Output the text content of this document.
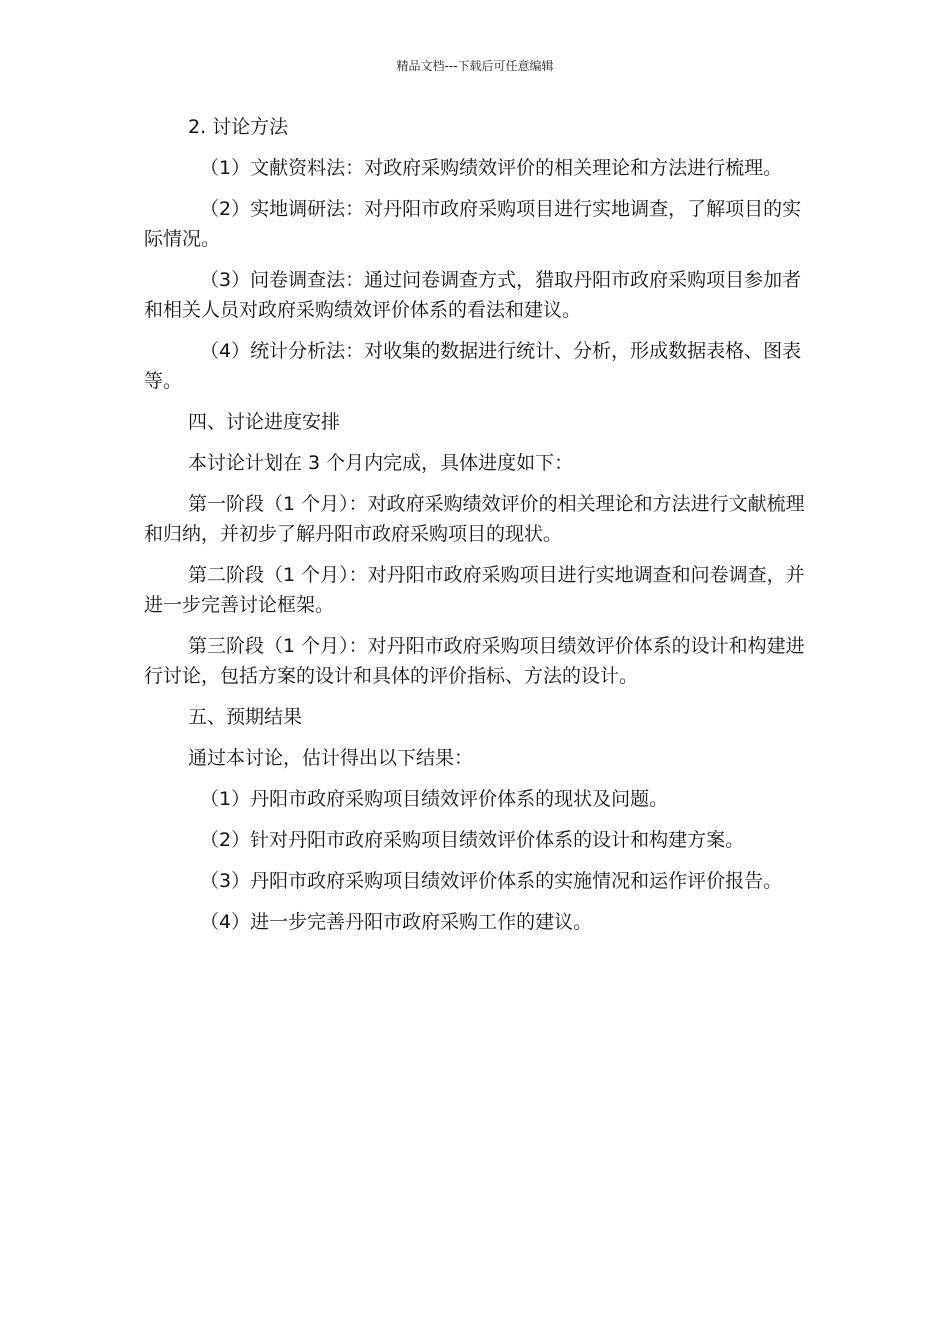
精品文档---下载后可任意编辑

2. 讨论方法

（1）文献资料法：对政府采购绩效评价的相关理论和方法进行梳理。

（2）实地调研法：对丹阳市政府采购项目进行实地调查，了解项目的实际情况。

（3）问卷调查法：通过问卷调查方式，猎取丹阳市政府采购项目参加者和相关人员对政府采购绩效评价体系的看法和建议。

（4）统计分析法：对收集的数据进行统计、分析，形成数据表格、图表等。

四、讨论进度安排

本讨论计划在 3 个月内完成，具体进度如下：

第一阶段（1 个月）：对政府采购绩效评价的相关理论和方法进行文献梳理和归纳，并初步了解丹阳市政府采购项目的现状。

第二阶段（1 个月）：对丹阳市政府采购项目进行实地调查和问卷调查，并进一步完善讨论框架。

第三阶段（1 个月）：对丹阳市政府采购项目绩效评价体系的设计和构建进行讨论，包括方案的设计和具体的评价指标、方法的设计。

五、预期结果

通过本讨论，估计得出以下结果：

（1）丹阳市政府采购项目绩效评价体系的现状及问题。

（2）针对丹阳市政府采购项目绩效评价体系的设计和构建方案。

（3）丹阳市政府采购项目绩效评价体系的实施情况和运作评价报告。

（4）进一步完善丹阳市政府采购工作的建议。
